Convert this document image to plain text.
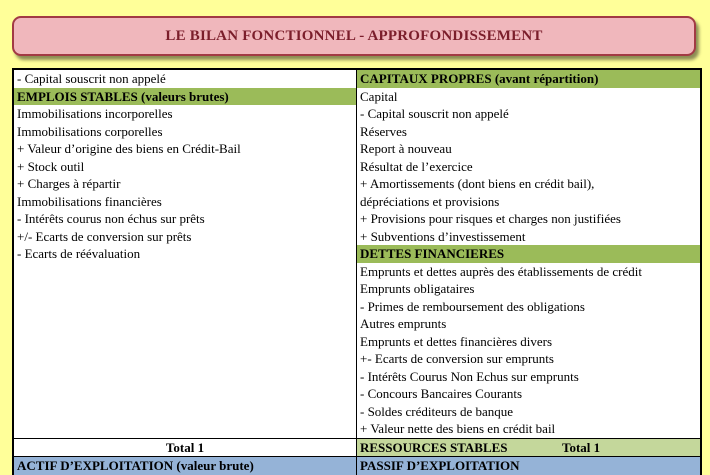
LE BILAN FONCTIONNEL - APPROFONDISSEMENT
- Capital souscrit non appelé
EMPLOIS STABLES (valeurs brutes)
Immobilisations incorporelles
Immobilisations corporelles
+ Valeur d’origine des biens en Crédit-Bail
+ Stock outil
+ Charges à répartir
Immobilisations financières
- Intérêts courus non échus sur prêts
+/- Ecarts de conversion sur prêts
- Ecarts de réévaluation
CAPITAUX PROPRES (avant répartition)
Capital
- Capital souscrit non appelé
Réserves
Report à nouveau
Résultat de l’exercice
+ Amortissements (dont biens en crédit bail),
dépréciations et provisions
+ Provisions pour risques et charges non justifiées
+ Subventions d’investissement
DETTES FINANCIERES
Emprunts et dettes auprès des établissements de crédit
Emprunts obligataires
- Primes de remboursement des obligations
Autres emprunts
Emprunts et dettes financières divers
+- Ecarts de conversion sur emprunts
- Intérêts Courus Non Echus sur emprunts
- Concours Bancaires Courants
- Soldes créditeurs de banque
+ Valeur nette des biens en crédit bail
Total 1	RESSOURCES STABLES	Total 1
ACTIF D’EXPLOITATION (valeur brute)	PASSIF D’EXPLOITATION
